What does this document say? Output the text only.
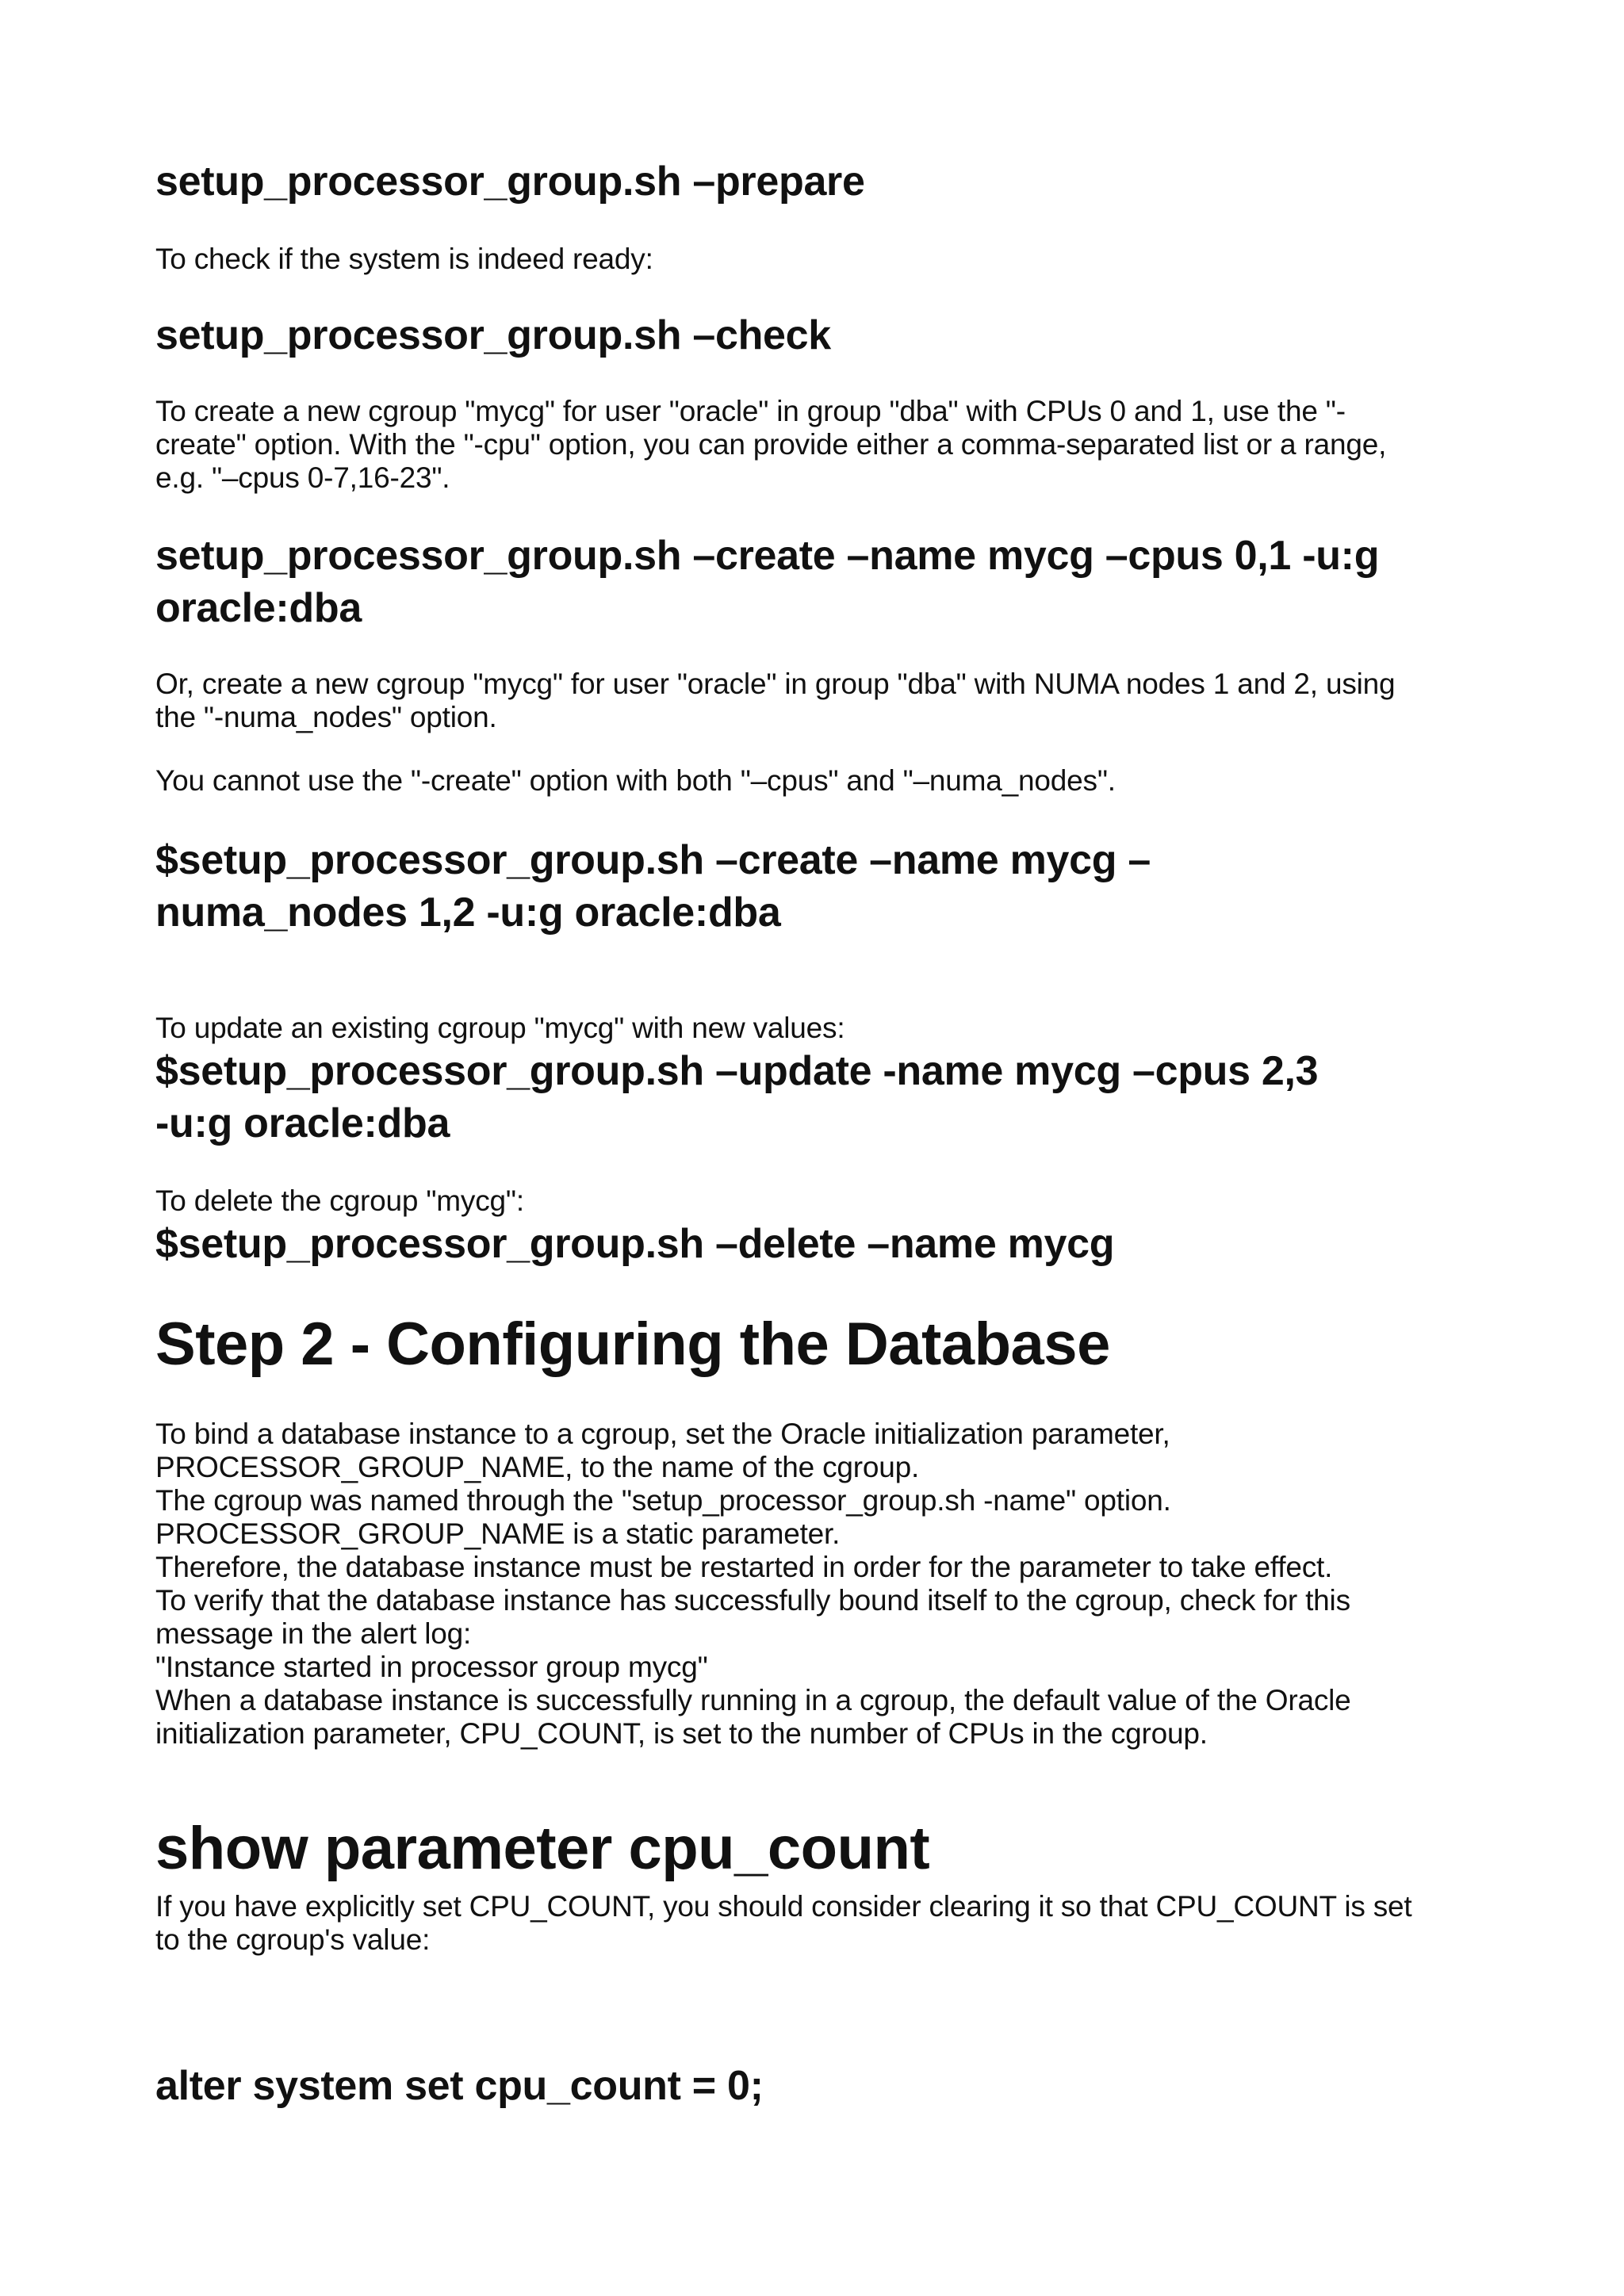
setup_processor_group.sh –prepare

To check if the system is indeed ready:

setup_processor_group.sh –check
To create a new cgroup "mycg" for user "oracle" in group "dba" with CPUs 0 and 1, use the "-
create" option. With the "-cpu" option, you can provide either a comma-separated list or a range,
e.g. "–cpus 0-7,16-23".
setup_processor_group.sh –create –name mycg –cpus 0,1 -u:g
oracle:dba
Or, create a new cgroup "mycg" for user "oracle" in group "dba" with NUMA nodes 1 and 2, using
the "-numa_nodes" option.

You cannot use the "-create" option with both "–cpus" and "–numa_nodes".

$setup_processor_group.sh –create –name mycg –
numa_nodes 1,2 -u:g oracle:dba

To update an existing cgroup "mycg" with new values:

$setup_processor_group.sh –update -name mycg –cpus 2,3
-u:g oracle:dba

To delete the cgroup "mycg":

$setup_processor_group.sh –delete –name mycg
Step 2 - Configuring the Database
To bind a database instance to a cgroup, set the Oracle initialization parameter,
PROCESSOR_GROUP_NAME, to the name of the cgroup.
The cgroup was named through the "setup_processor_group.sh -name" option.
PROCESSOR_GROUP_NAME is a static parameter.
Therefore, the database instance must be restarted in order for the parameter to take effect.
To verify that the database instance has successfully bound itself to the cgroup, check for this
message in the alert log:
"Instance started in processor group mycg"
When a database instance is successfully running in a cgroup, the default value of the Oracle
initialization parameter, CPU_COUNT, is set to the number of CPUs in the cgroup.
show parameter cpu_count
If you have explicitly set CPU_COUNT, you should consider clearing it so that CPU_COUNT is set
to the cgroup's value:
alter system set cpu_count = 0;
